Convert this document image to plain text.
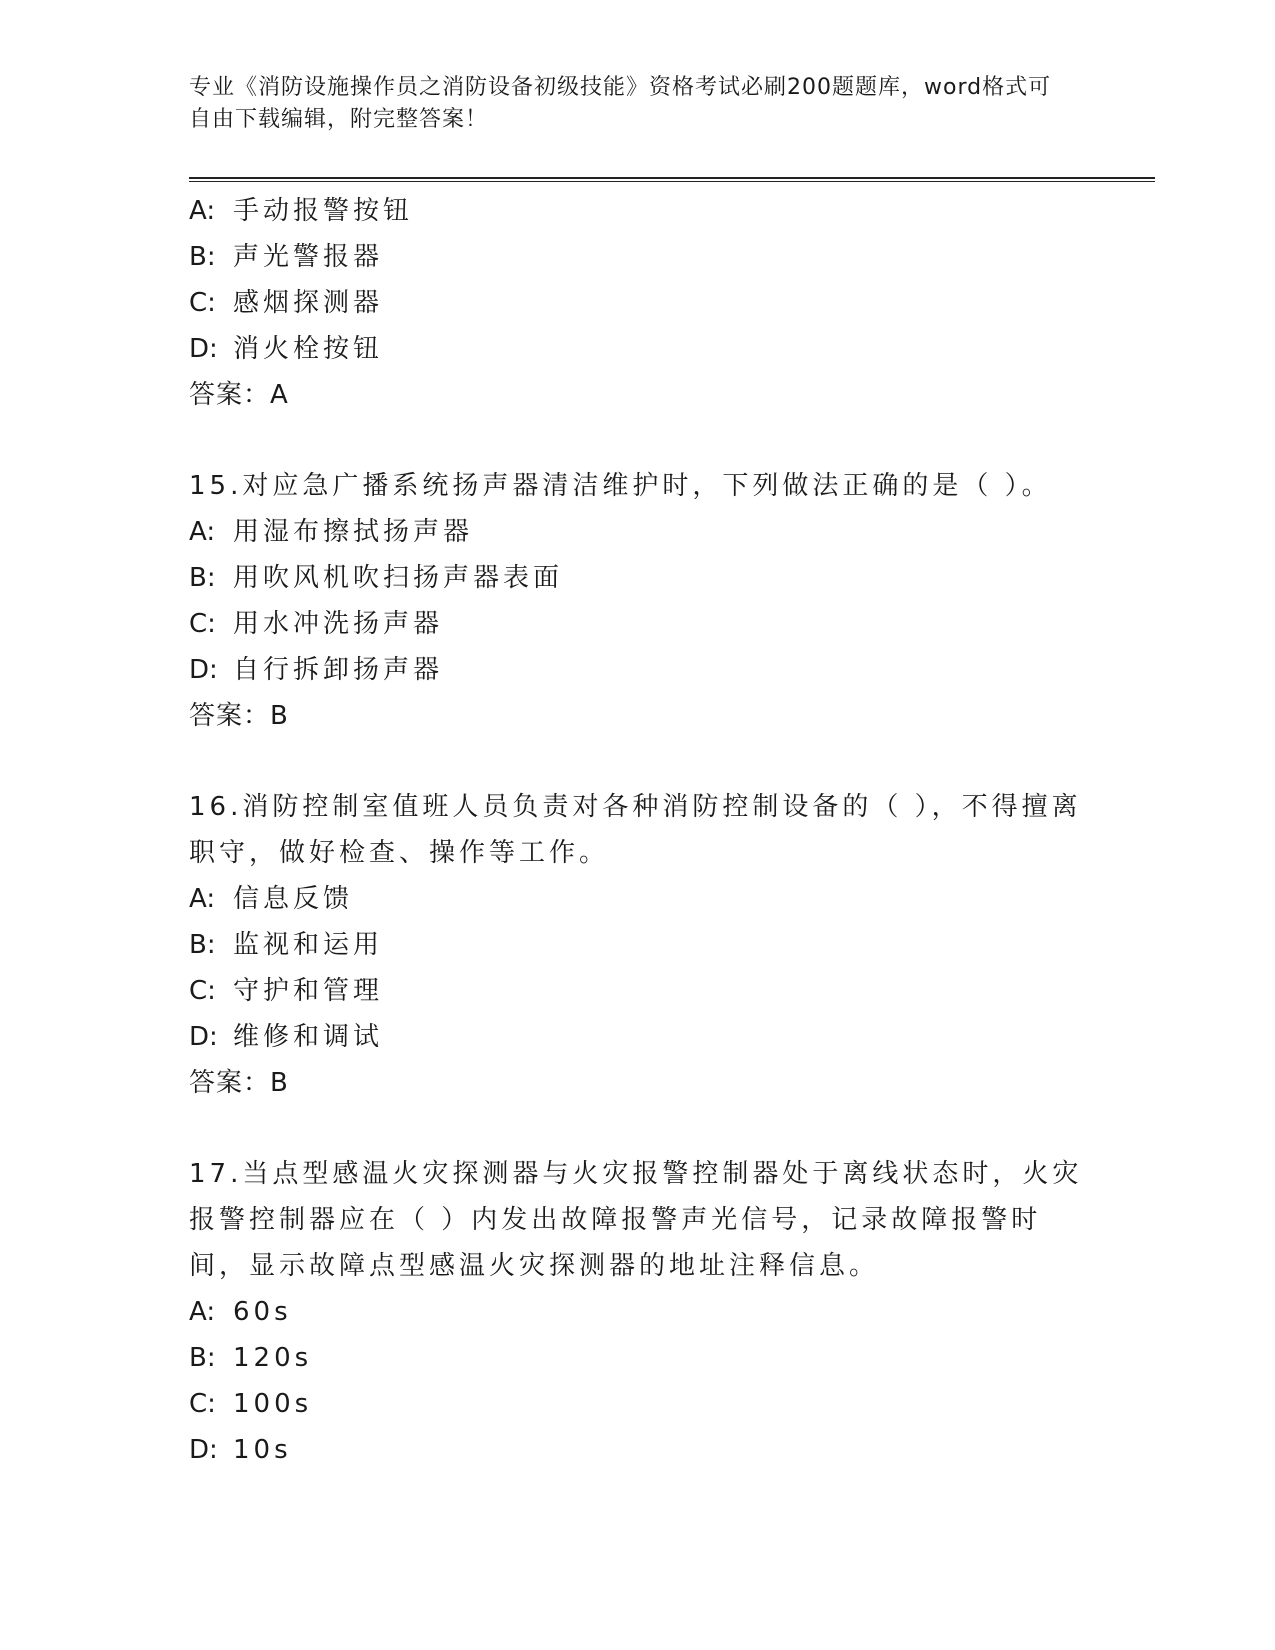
专业《消防设施操作员之消防设备初级技能》资格考试必刷200题题库，word格式可自由下载编辑，附完整答案！
A: 手动报警按钮
B: 声光警报器
C: 感烟探测器
D: 消火栓按钮
答案：A
15.对应急广播系统扬声器清洁维护时，下列做法正确的是（ ）。
A: 用湿布擦拭扬声器
B: 用吹风机吹扫扬声器表面
C: 用水冲洗扬声器
D: 自行拆卸扬声器
答案：B
16.消防控制室值班人员负责对各种消防控制设备的（ ），不得擅离职守，做好检查、操作等工作。
A: 信息反馈
B: 监视和运用
C: 守护和管理
D: 维修和调试
答案：B
17.当点型感温火灾探测器与火灾报警控制器处于离线状态时，火灾报警控制器应在（ ）内发出故障报警声光信号，记录故障报警时间，显示故障点型感温火灾探测器的地址注释信息。
A: 60s
B: 120s
C: 100s
D: 10s
